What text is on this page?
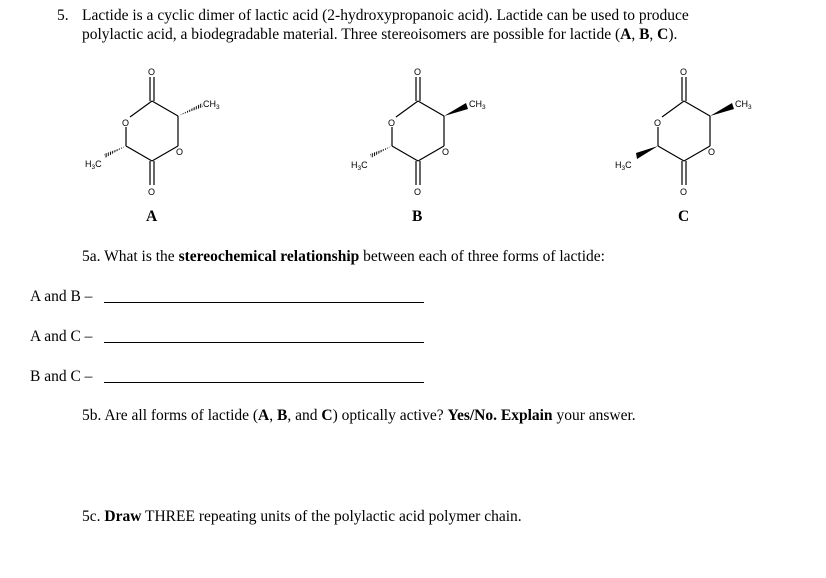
5. Lactide is a cyclic dimer of lactic acid (2-hydroxypropanoic acid). Lactide can be used to produce
polylactic acid, a biodegradable material. Three stereoisomers are possible for lactide (A, B, C).
O
O
O
O
O
O
O
O
O
O
O
O
$CH_3$	$CH_3$	$CH_3$
$H_3C$	$H_3C$	$H_3C$
A	B	C
5a. What is the stereochemical relationship between each of three forms of lactide:
A and B –
A and C –
B and C –
5b. Are all forms of lactide (A, B, and C) optically active? Yes/No. Explain your answer.
5c. Draw THREE repeating units of the polylactic acid polymer chain.
